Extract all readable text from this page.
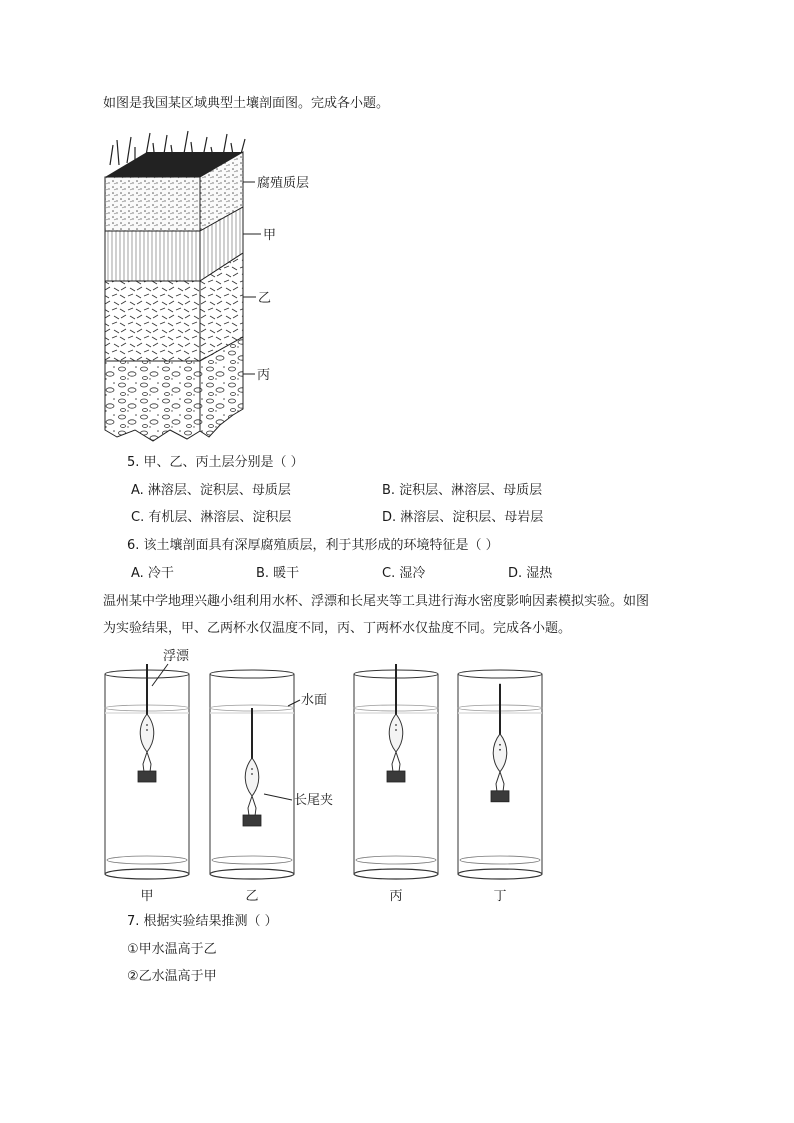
如图是我国某区域典型土壤剖面图。完成各小题。
腐殖质层
甲
乙
丙
5. 甲、乙、丙土层分别是（ ）
A. 淋溶层、淀积层、母质层	B. 淀积层、淋溶层、母质层
C. 有机层、淋溶层、淀积层	D. 淋溶层、淀积层、母岩层
6. 该土壤剖面具有深厚腐殖质层，利于其形成的环境特征是（ ）
A. 冷干	B. 暖干	C. 湿冷	D. 湿热
温州某中学地理兴趣小组利用水杯、浮漂和长尾夹等工具进行海水密度影响因素模拟实验。如图
为实验结果，甲、乙两杯水仅温度不同，丙、丁两杯水仅盐度不同。完成各小题。
甲	乙	丙	丁
浮漂
水面
长尾夹
7. 根据实验结果推测（ ）
①甲水温高于乙
②乙水温高于甲
